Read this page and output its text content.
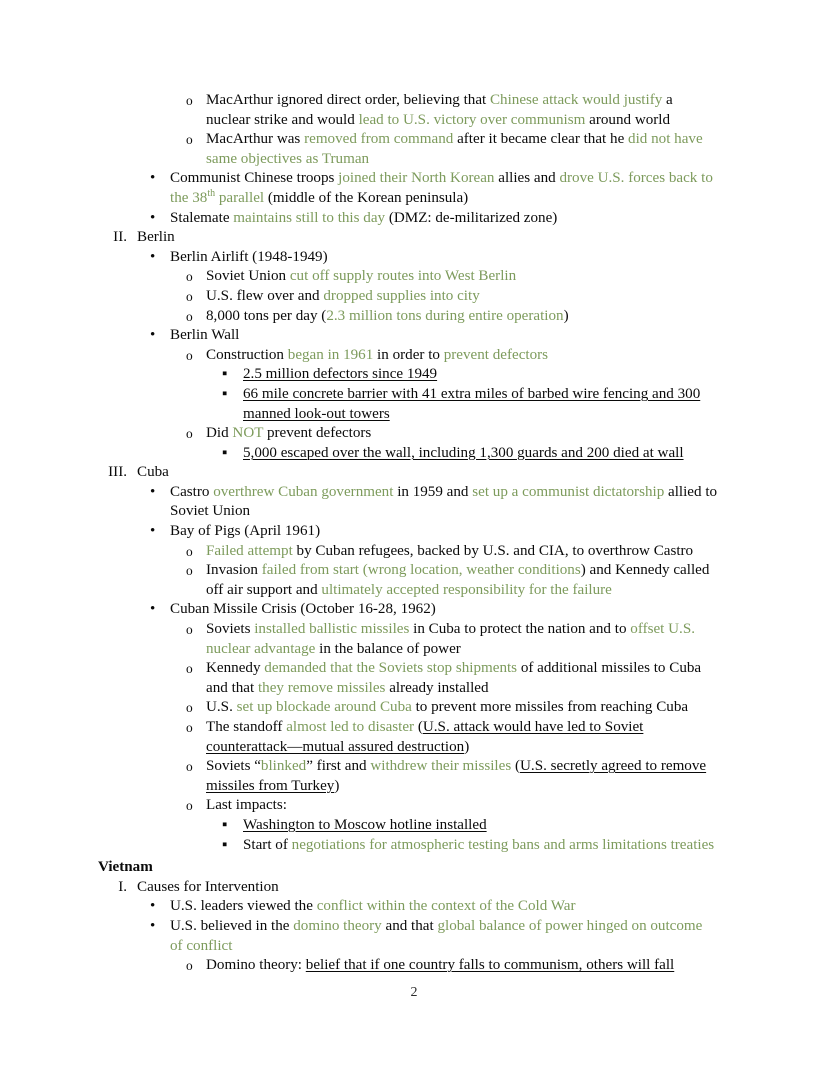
o MacArthur ignored direct order, believing that Chinese attack would justify a nuclear strike and would lead to U.S. victory over communism around world
o MacArthur was removed from command after it became clear that he did not have same objectives as Truman
• Communist Chinese troops joined their North Korean allies and drove U.S. forces back to the 38th parallel (middle of the Korean peninsula)
• Stalemate maintains still to this day (DMZ: de-militarized zone)
II. Berlin
• Berlin Airlift (1948-1949)
o Soviet Union cut off supply routes into West Berlin
o U.S. flew over and dropped supplies into city
o 8,000 tons per day (2.3 million tons during entire operation)
• Berlin Wall
o Construction began in 1961 in order to prevent defectors
▪ 2.5 million defectors since 1949
▪ 66 mile concrete barrier with 41 extra miles of barbed wire fencing and 300 manned look-out towers
o Did NOT prevent defectors
▪ 5,000 escaped over the wall, including 1,300 guards and 200 died at wall
III. Cuba
• Castro overthrew Cuban government in 1959 and set up a communist dictatorship allied to Soviet Union
• Bay of Pigs (April 1961)
o Failed attempt by Cuban refugees, backed by U.S. and CIA, to overthrow Castro
o Invasion failed from start (wrong location, weather conditions) and Kennedy called off air support and ultimately accepted responsibility for the failure
• Cuban Missile Crisis (October 16-28, 1962)
o Soviets installed ballistic missiles in Cuba to protect the nation and to offset U.S. nuclear advantage in the balance of power
o Kennedy demanded that the Soviets stop shipments of additional missiles to Cuba and that they remove missiles already installed
o U.S. set up blockade around Cuba to prevent more missiles from reaching Cuba
o The standoff almost led to disaster (U.S. attack would have led to Soviet counterattack—mutual assured destruction)
o Soviets “blinked” first and withdrew their missiles (U.S. secretly agreed to remove missiles from Turkey)
o Last impacts:
▪ Washington to Moscow hotline installed
▪ Start of negotiations for atmospheric testing bans and arms limitations treaties
Vietnam
I. Causes for Intervention
• U.S. leaders viewed the conflict within the context of the Cold War
• U.S. believed in the domino theory and that global balance of power hinged on outcome of conflict
o Domino theory: belief that if one country falls to communism, others will fall
2
